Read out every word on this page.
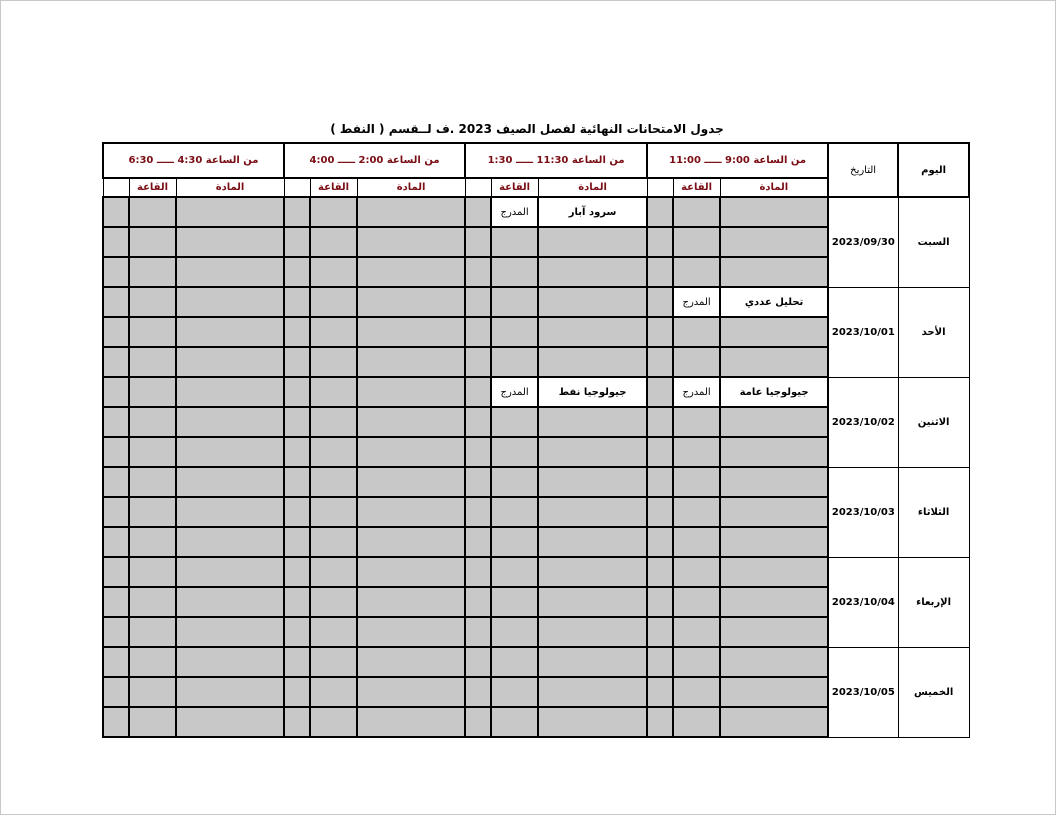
جدول الامتحانات النهائية لفصل الصيف 2023 .ف لــقسم ( النفط )
اليوم	التاريخ	من الساعة 9:00 ـــــ 11:00			من الساعة 11:30 ـــــ 1:30			من الساعة 2:00 ـــــ 4:00			من الساعة 4:30 ـــــ 6:30		
		المادة	القاعة		المادة	القاعة		المادة	القاعة		المادة	القاعة	
السبت	2023/09/30				سرود آبار	المدرج							

الأحد	2023/10/01	تحليل عددي	المدرج										

الاثنين	2023/10/02	جيولوجيا عامة	المدرج		جيولوجيا نفط	المدرج							

الثلاثاء	2023/10/03												

الإربعاء	2023/10/04												

الخميس	2023/10/05												
